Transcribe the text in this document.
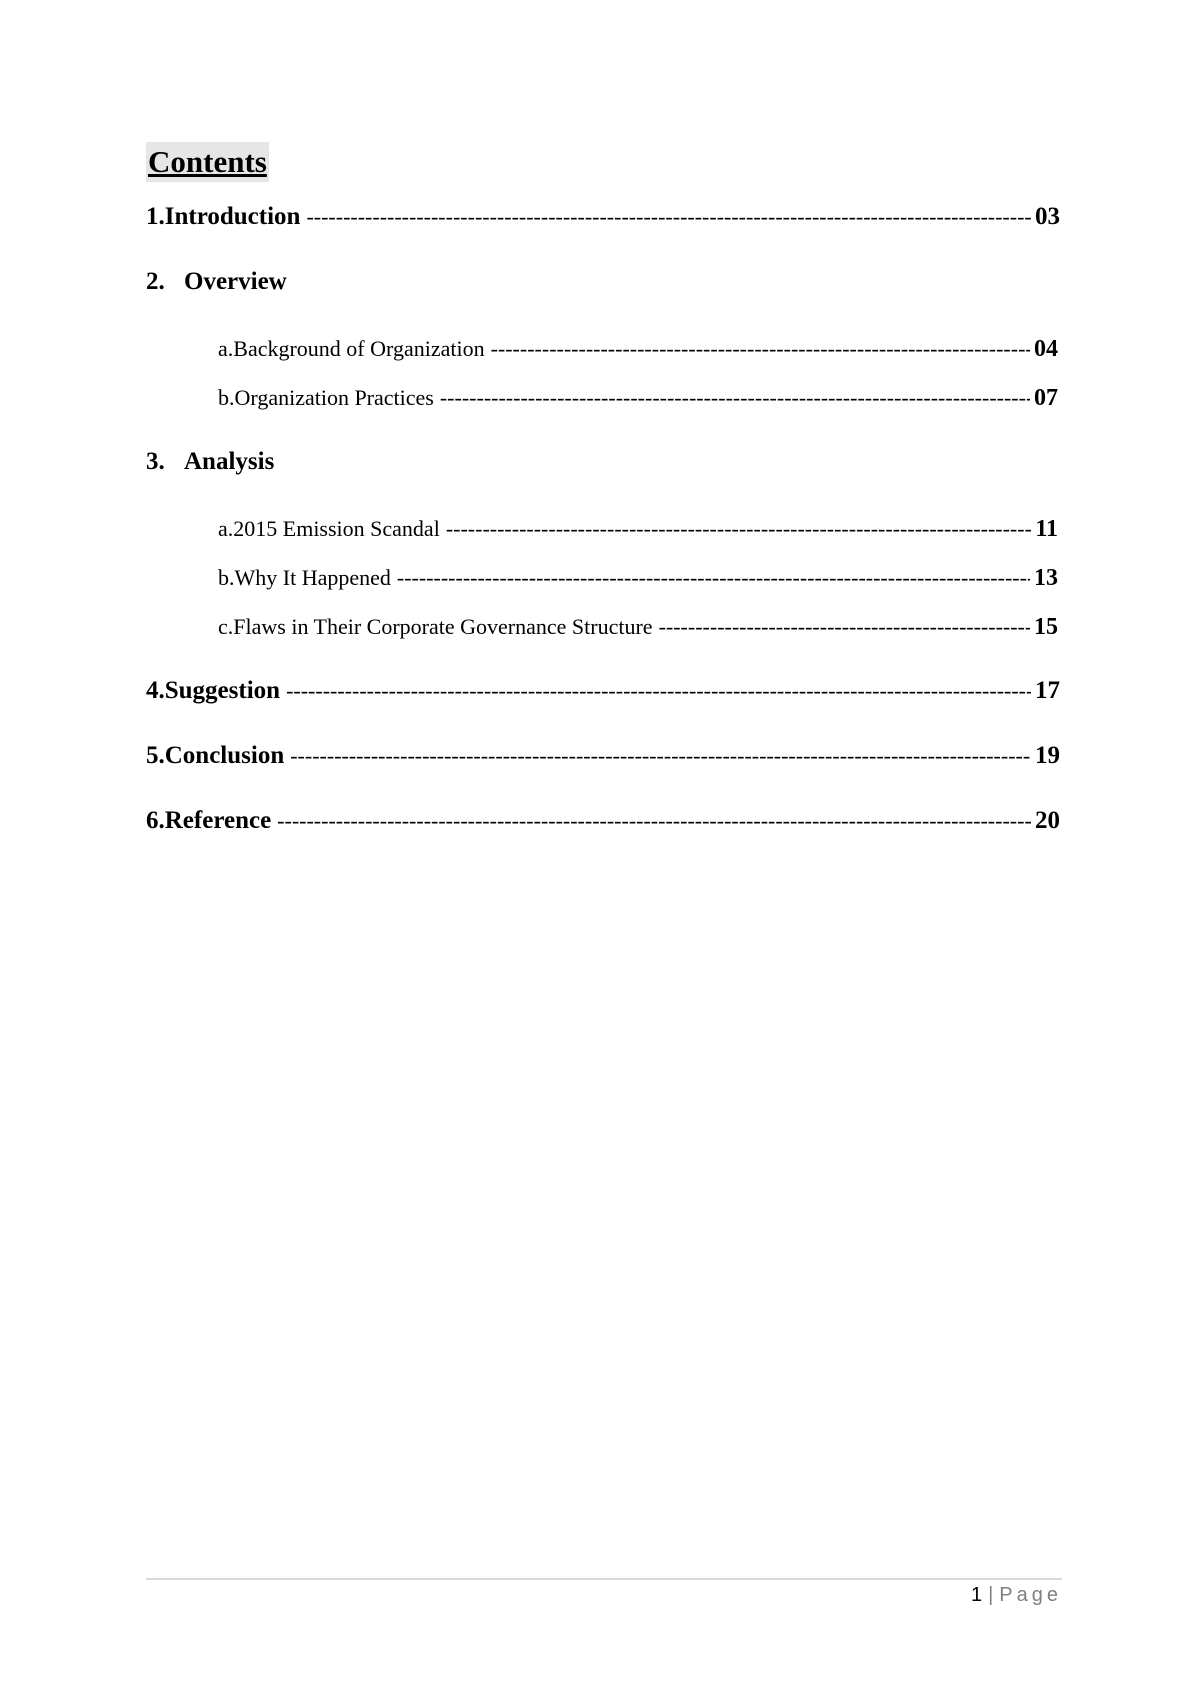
Contents
1. Introduction -----	03
2. Overview
a. Background of Organization -----	04
b. Organization Practices -----	07
3. Analysis
a. 2015 Emission Scandal -----	11
b. Why It Happened -----	13
c. Flaws in Their Corporate Governance Structure -----	15
4. Suggestion -----	17
5. Conclusion -----	19
6. Reference -----	20
1 | Page
